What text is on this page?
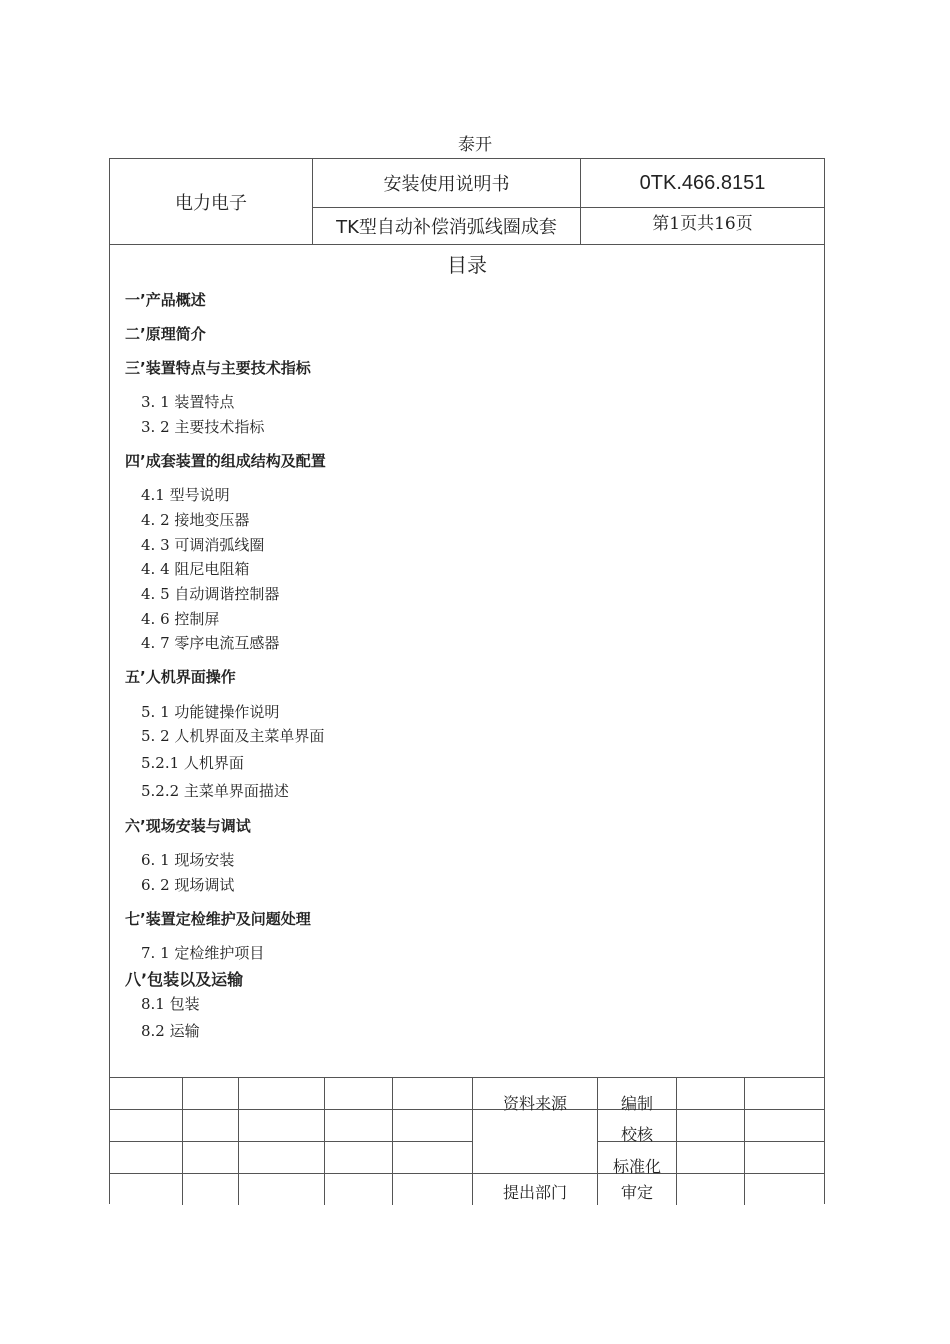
泰开
电力电子
安装使用说明书
TK型自动补偿消弧线圈成套
0TK.466.8151
第1页共16页
目录
一’产品概述
二’原理简介
三’装置特点与主要技术指标
3. 1 装置特点
3. 2 主要技术指标
四’成套装置的组成结构及配置
4.1 型号说明
4. 2 接地变压器
4. 3 可调消弧线圈
4. 4 阻尼电阻箱
4. 5 自动调谐控制器
4. 6 控制屏
4. 7 零序电流互感器
五’人机界面操作
5. 1 功能键操作说明
5. 2 人机界面及主菜单界面
5.2.1 人机界面
5.2.2 主菜单界面描述
六’现场安装与调试
6. 1 现场安装
6. 2 现场调试
七’装置定检维护及问题处理
7. 1 定检维护项目
八’包装以及运输
8.1 包装
8.2 运输
资料来源
提出部门
编制
校核
标准化
审定
